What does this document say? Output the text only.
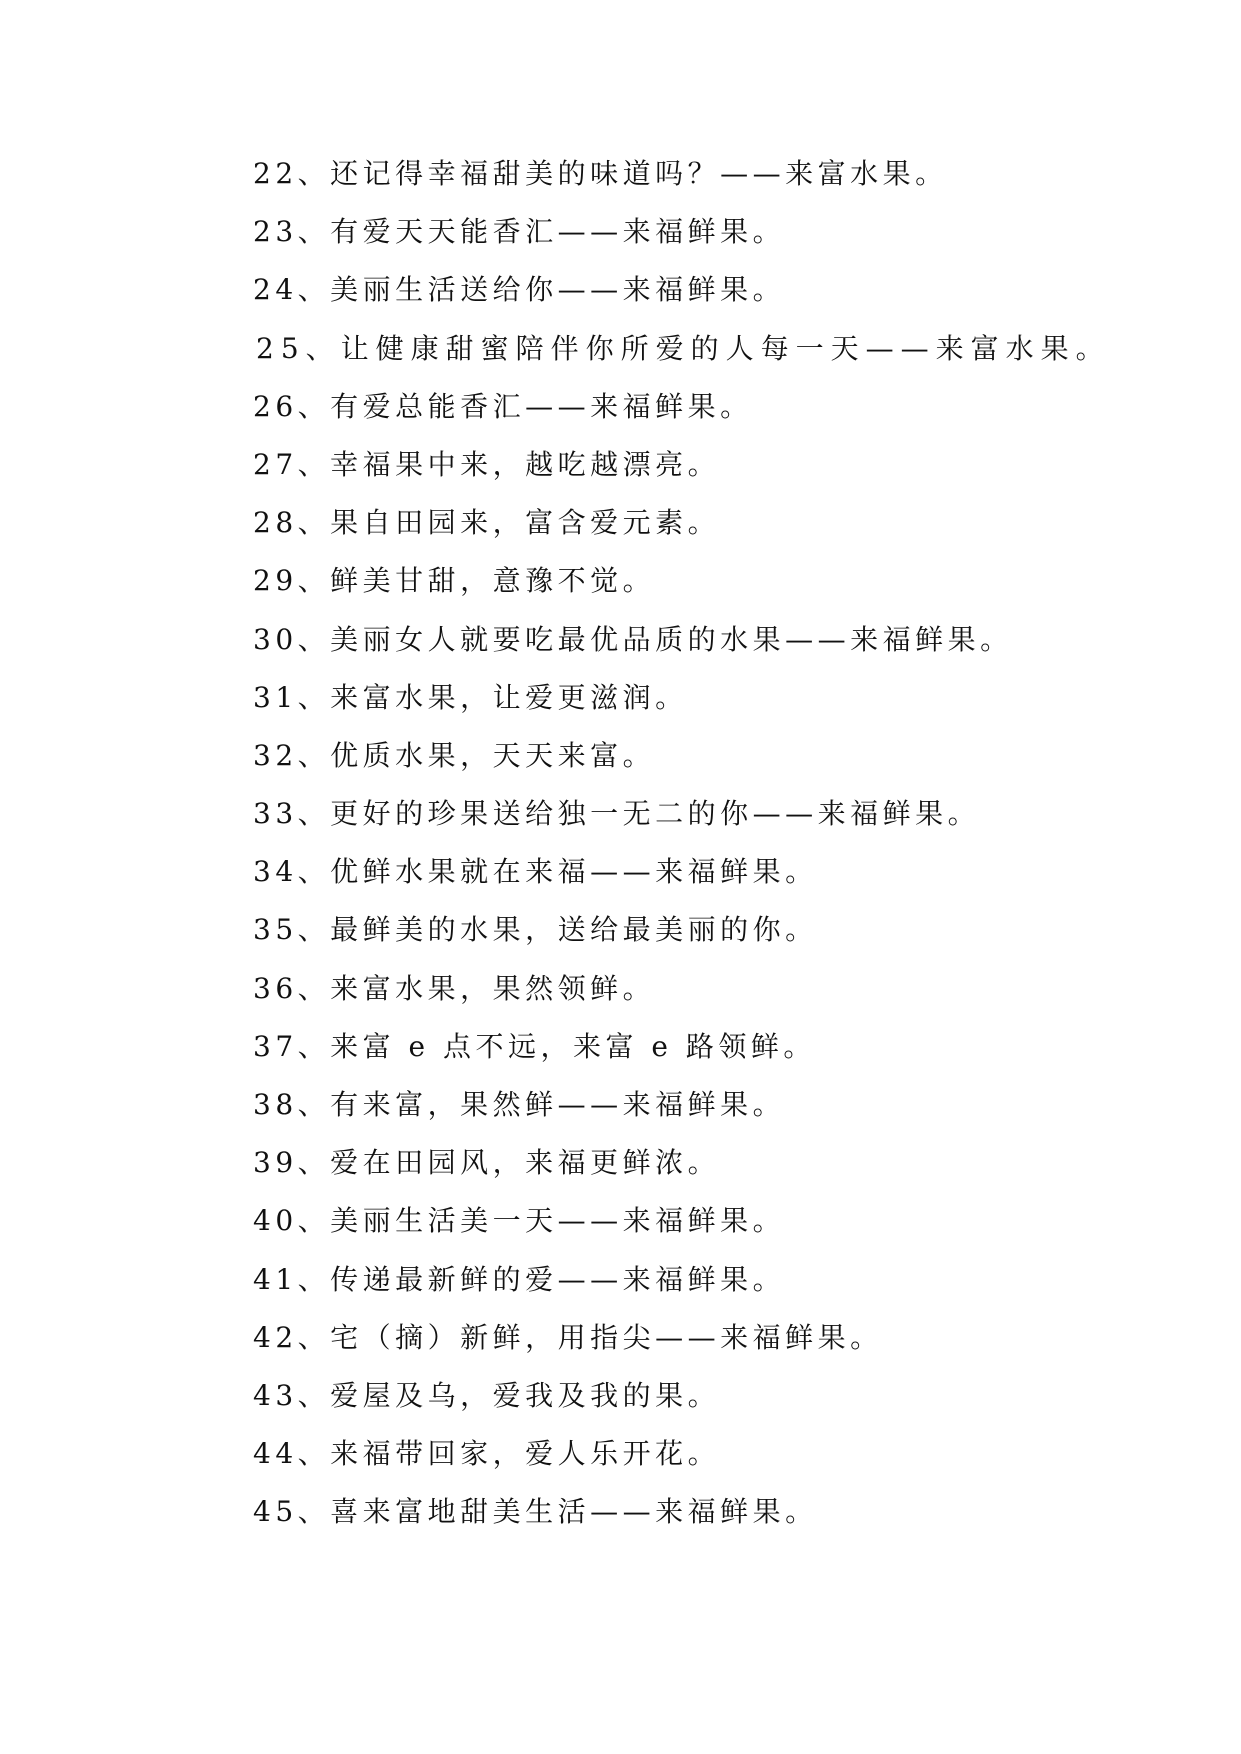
22、还记得幸福甜美的味道吗？——来富水果。
23、有爱天天能香汇——来福鲜果。
24、美丽生活送给你——来福鲜果。
25、让健康甜蜜陪伴你所爱的人每一天——来富水果。
26、有爱总能香汇——来福鲜果。
27、幸福果中来，越吃越漂亮。
28、果自田园来，富含爱元素。
29、鲜美甘甜，意豫不觉。
30、美丽女人就要吃最优品质的水果——来福鲜果。
31、来富水果，让爱更滋润。
32、优质水果，天天来富。
33、更好的珍果送给独一无二的你——来福鲜果。
34、优鲜水果就在来福——来福鲜果。
35、最鲜美的水果，送给最美丽的你。
36、来富水果，果然领鲜。
37、来富 e 点不远，来富 e 路领鲜。
38、有来富，果然鲜——来福鲜果。
39、爱在田园风，来福更鲜浓。
40、美丽生活美一天——来福鲜果。
41、传递最新鲜的爱——来福鲜果。
42、宅（摘）新鲜，用指尖——来福鲜果。
43、爱屋及乌，爱我及我的果。
44、来福带回家，爱人乐开花。
45、喜来富地甜美生活——来福鲜果。
